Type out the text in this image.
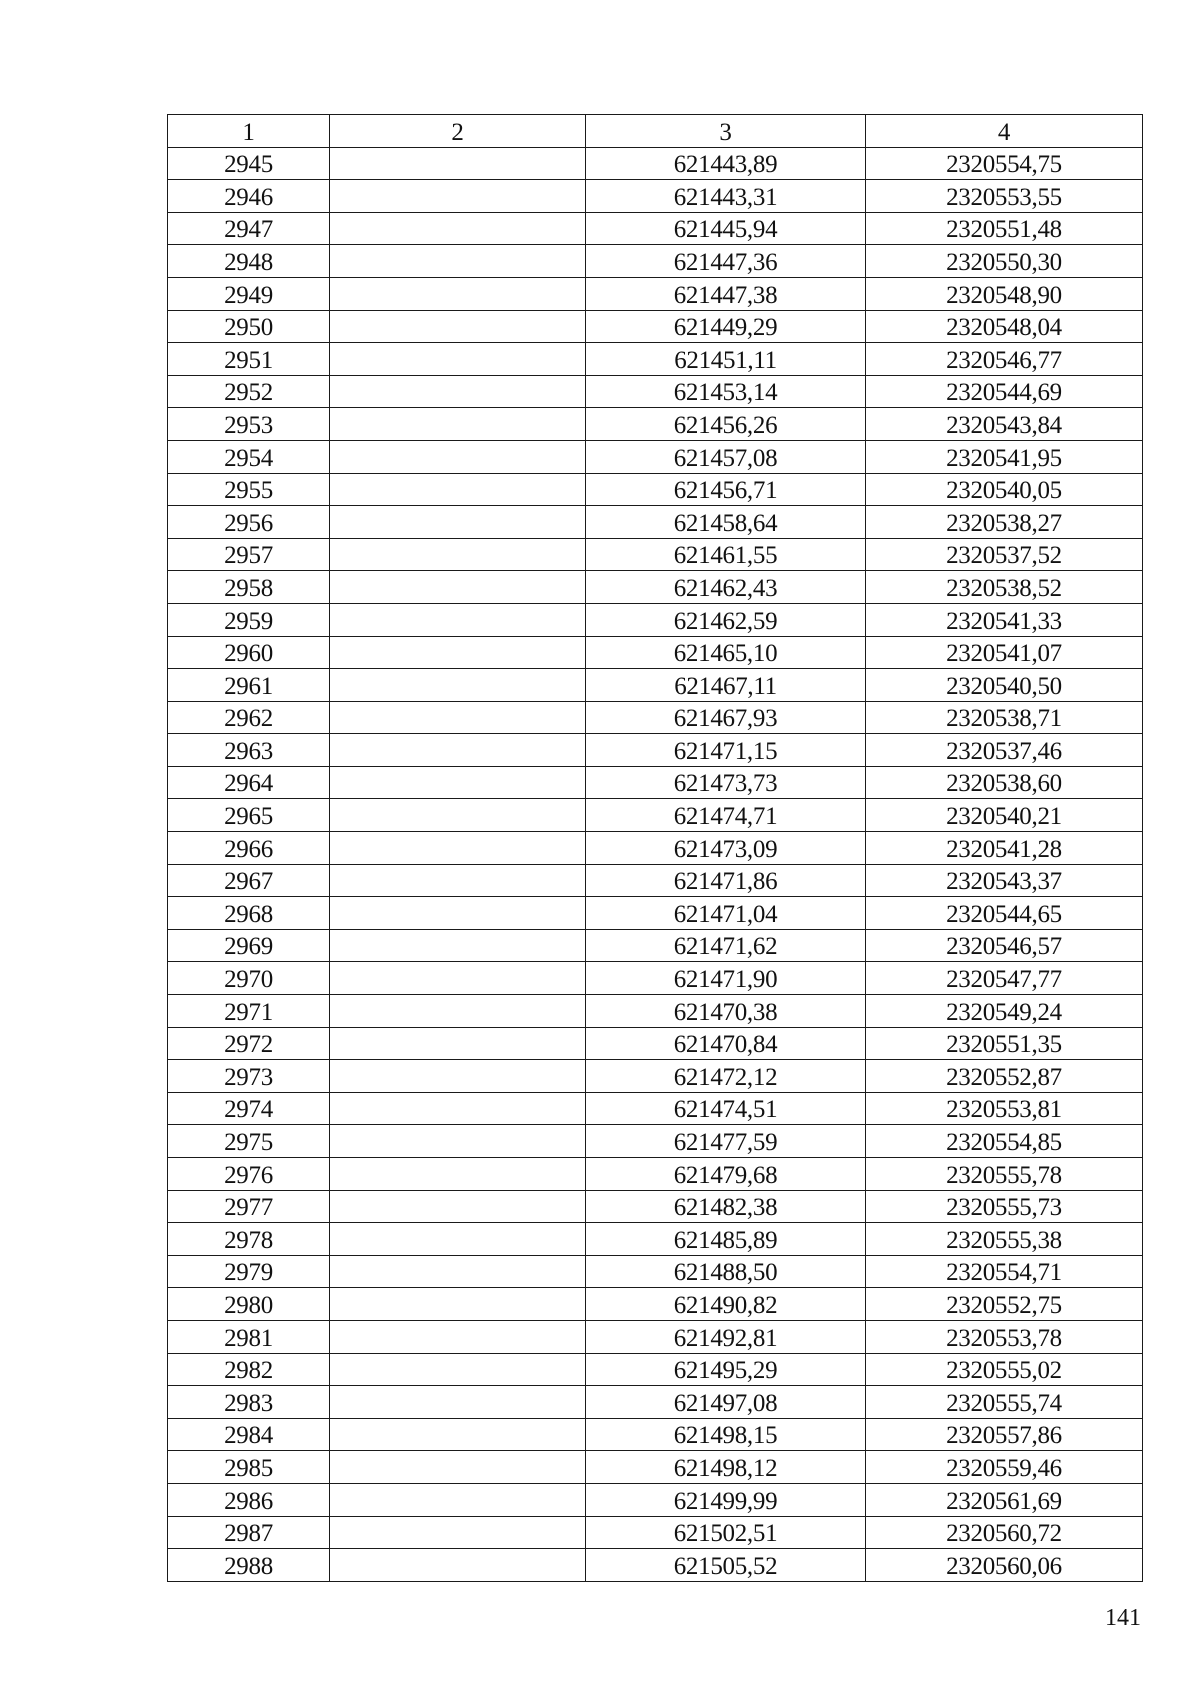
1	2	3	4
2945		621443,89	2320554,75
2946		621443,31	2320553,55
2947		621445,94	2320551,48
2948		621447,36	2320550,30
2949		621447,38	2320548,90
2950		621449,29	2320548,04
2951		621451,11	2320546,77
2952		621453,14	2320544,69
2953		621456,26	2320543,84
2954		621457,08	2320541,95
2955		621456,71	2320540,05
2956		621458,64	2320538,27
2957		621461,55	2320537,52
2958		621462,43	2320538,52
2959		621462,59	2320541,33
2960		621465,10	2320541,07
2961		621467,11	2320540,50
2962		621467,93	2320538,71
2963		621471,15	2320537,46
2964		621473,73	2320538,60
2965		621474,71	2320540,21
2966		621473,09	2320541,28
2967		621471,86	2320543,37
2968		621471,04	2320544,65
2969		621471,62	2320546,57
2970		621471,90	2320547,77
2971		621470,38	2320549,24
2972		621470,84	2320551,35
2973		621472,12	2320552,87
2974		621474,51	2320553,81
2975		621477,59	2320554,85
2976		621479,68	2320555,78
2977		621482,38	2320555,73
2978		621485,89	2320555,38
2979		621488,50	2320554,71
2980		621490,82	2320552,75
2981		621492,81	2320553,78
2982		621495,29	2320555,02
2983		621497,08	2320555,74
2984		621498,15	2320557,86
2985		621498,12	2320559,46
2986		621499,99	2320561,69
2987		621502,51	2320560,72
2988		621505,52	2320560,06
141
